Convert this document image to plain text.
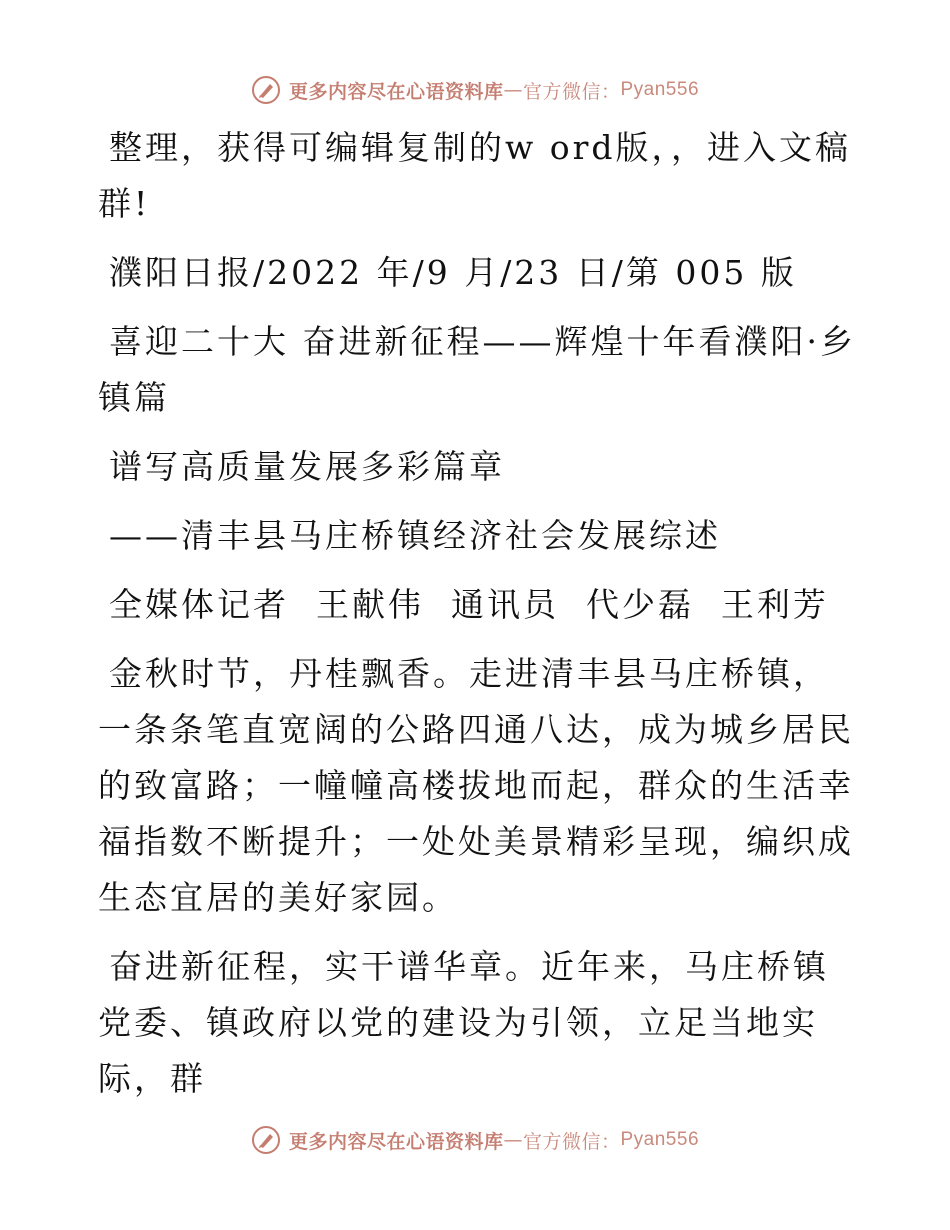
更多内容尽在心语资料库 — 官方微信： Pyan556

整理，获得可编辑复制的w ord版，，进入文稿群!

濮阳日报/2022 年/9 月/23 日/第 005 版

喜迎二十大 奋进新征程——辉煌十年看濮阳·乡镇篇

谱写高质量发展多彩篇章

——清丰县马庄桥镇经济社会发展综述

全媒体记者  王献伟  通讯员  代少磊  王利芳

金秋时节，丹桂飘香。走进清丰县马庄桥镇，一条条笔直宽阔的公路四通八达，成为城乡居民的致富路；一幢幢高楼拔地而起，群众的生活幸福指数不断提升；一处处美景精彩呈现，编织成生态宜居的美好家园。

奋进新征程，实干谱华章。近年来，马庄桥镇党委、镇政府以党的建设为引领，立足当地实际，群

更多内容尽在心语资料库 — 官方微信： Pyan556
